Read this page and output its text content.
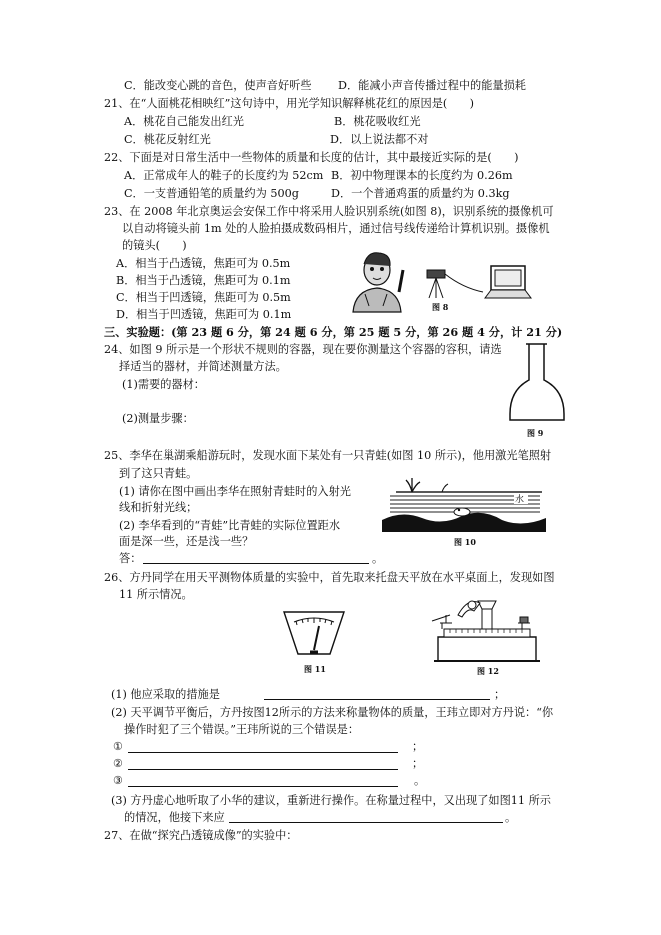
C．能改变心跳的音色，使声音好听些 D．能减小声音传播过程中的能量损耗
21、在“人面桃花相映红”这句诗中，用光学知识解释桃花红的原因是(　　)
A．桃花自己能发出红光	B．桃花吸收红光
C．桃花反射红光	D．以上说法都不对
22、下面是对日常生活中一些物体的质量和长度的估计，其中最接近实际的是(　　)
A．正常成年人的鞋子的长度约为 52cm B．初中物理课本的长度约为 0.26m
C．一支普通铅笔的质量约为 500g	D．一个普通鸡蛋的质量约为 0.3kg
23、在 2008 年北京奥运会安保工作中将采用人脸识别系统(如图 8)，识别系统的摄像机可
以自动将镜头前 1m 处的人脸拍摄成数码相片，通过信号线传递给计算机识别。摄像机
的镜头(　　)
A．相当于凸透镜，焦距可为 0.5m
B．相当于凸透镜，焦距可为 0.1m
C．相当于凹透镜，焦距可为 0.5m
D．相当于凹透镜，焦距可为 0.1m
图 8
三、实验题：(第 23 题 6 分，第 24 题 6 分，第 25 题 5 分，第 26 题 4 分，计 21 分)
24、如图 9 所示是一个形状不规则的容器，现在要你测量这个容器的容积，请选
择适当的器材，并简述测量方法。
(1)需要的器材：
(2)测量步骤：
图 9
25、李华在巢湖乘船游玩时，发现水面下某处有一只青蛙(如图 10 所示)，他用激光笔照射
到了这只青蛙。
(1) 请你在图中画出李华在照射青蛙时的入射光
线和折射光线；
(2) 李华看到的“青蛙”比青蛙的实际位置距水
面是深一些，还是浅一些？
答：	。
水
图 10
26、方丹同学在用天平测物体质量的实验中，首先取来托盘天平放在水平桌面上，发现如图
11 所示情况。
图 11	图 12
(1) 他应采取的措施是	；
(2) 天平调节平衡后，方丹按图12所示的方法来称量物体的质量，王玮立即对方丹说：“你
操作时犯了三个错误。”王玮所说的三个错误是：
①	；
②	；
③	。
(3) 方丹虚心地听取了小华的建议，重新进行操作。在称量过程中，又出现了如图11 所示
的情况，他接下来应	。
27、在做“探究凸透镜成像”的实验中：
